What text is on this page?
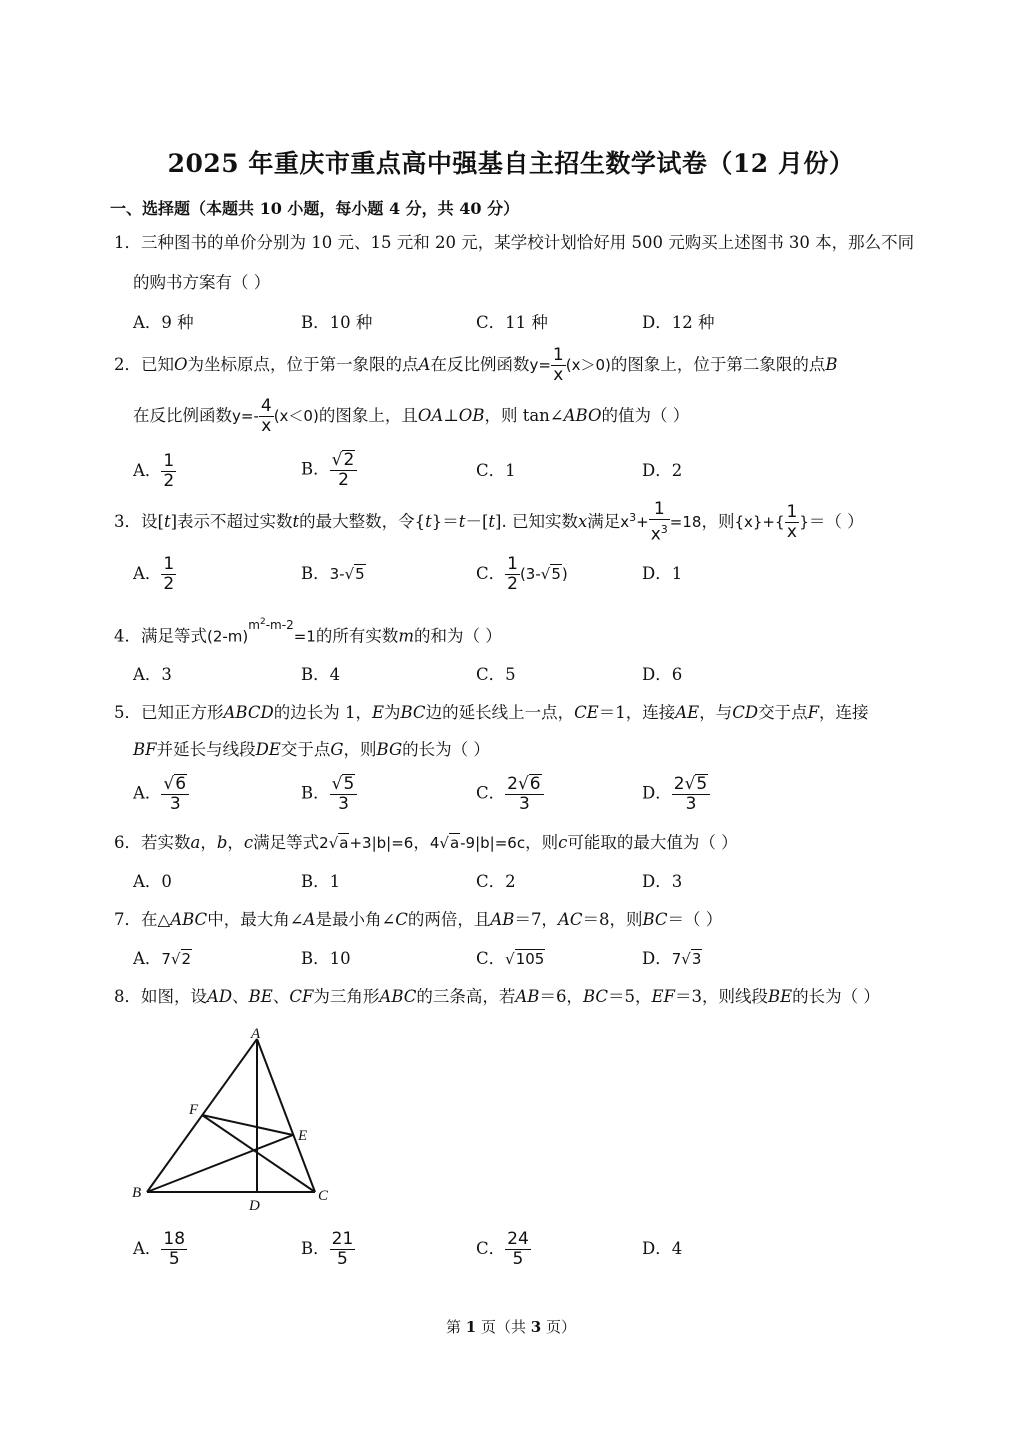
2025 年重庆市重点高中强基自主招生数学试卷（12 月份）
一、选择题（本题共 10 小题，每小题 4 分，共 40 分）
1．三种图书的单价分别为 10 元、15 元和 20 元，某学校计划恰好用 500 元购买上述图书 30 本，那么不同
的购书方案有（ ）
A．9 种	B．10 种	C．11 种	D．12 种
2．已知O为坐标原点，位于第一象限的点A在反比例函数$y= \frac{1}{x} (x>0)$的图象上，位于第二象限的点B
在反比例函数$y=- \frac{4}{x} (x<0)$的图象上，且OA⊥OB，则 tan∠ABO的值为（ ）
A． $\frac{1}{2}$	B． $\frac{√2}{2}$	C．1	D．2
3．设[t]表示不超过实数t的最大整数，令{t}＝t－[t]. 已知实数x满足$x^3+ \frac{1}{x^3} =18$，则$\{x\}+\{ \frac{1}{x}$ }＝（ ）
A． $\frac{1}{2}$	B．3-√5	C． $\frac{1}{2} (3-√5)$	D．1
4．满足等式$(2-m)^{m^2-m-2}=1$的所有实数m的和为（ ）
A．3	B．4	C．5	D．6
5．已知正方形ABCD的边长为 1，E为BC边的延长线上一点，CE＝1，连接AE，与CD交于点F，连接
BF并延长与线段DE交于点G，则BG的长为（ ）
A． $\frac{√6}{3}$	B． $\frac{√5}{3}$	C． $\frac{2√6}{3}$	D． $\frac{2√5}{3}$
6．若实数a，b，c满足等式2√a+3|b|=6，4√a-9|b|=6c，则c可能取的最大值为（ ）
A．0	B．1	C．2	D．3
7．在△ABC中，最大角∠A是最小角∠C的两倍，且AB＝7，AC＝8，则BC＝（ ）
A．7√2	B．10	C．√105	D．7√3
8．如图，设AD、BE、CF为三角形ABC的三条高，若AB＝6，BC＝5，EF＝3，则线段BE的长为（ ）
A
F
E
B
D
C
A． $\frac{18}{5}$	B． $\frac{21}{5}$	C． $\frac{24}{5}$	D．4
第 1 页（共 3 页）
